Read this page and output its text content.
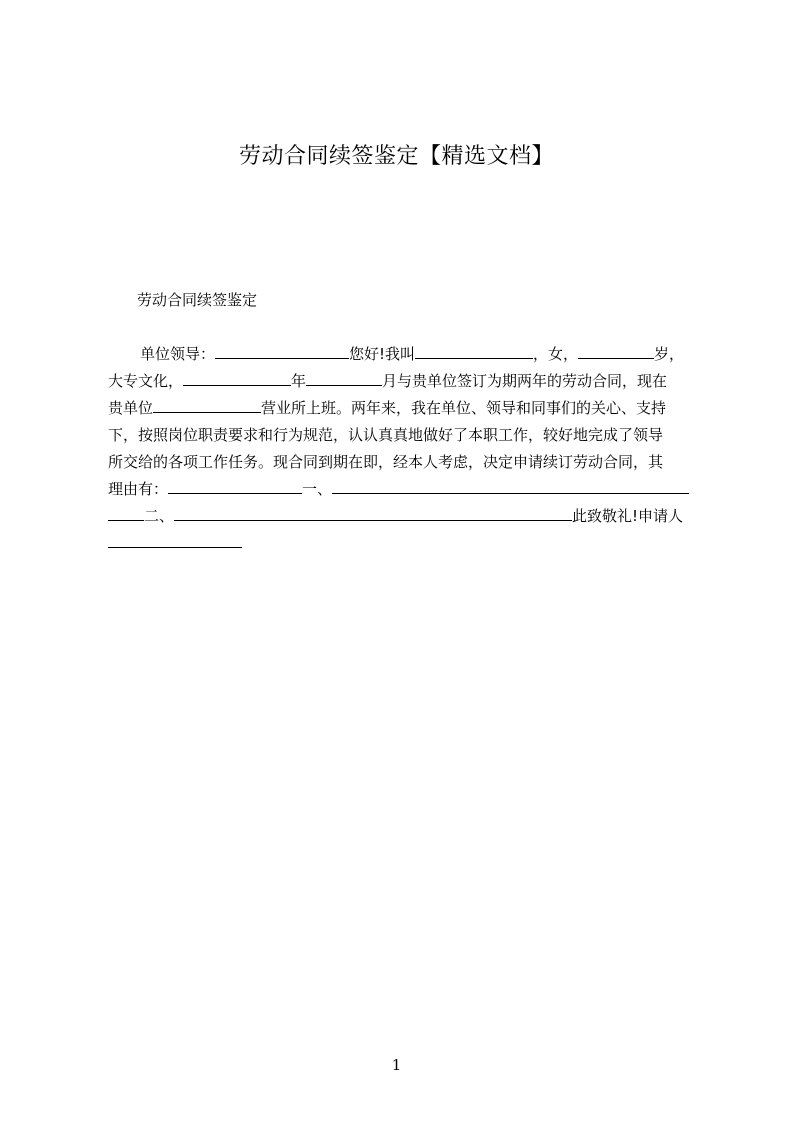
劳动合同续签鉴定【精选文档】
劳动合同续签鉴定
单位领导：	您好!我叫	，女，	岁，
大专文化，	年	月与贵单位签订为期两年的劳动合同，现在
贵单位	营业所上班。两年来，我在单位、领导和同事们的关心、支持
下，按照岗位职责要求和行为规范，认认真真地做好了本职工作，较好地完成了领导
所交给的各项工作任务。现合同到期在即，经本人考虑，决定申请续订劳动合同，其
理由有：	一、
二、	此致敬礼!申请人
1
